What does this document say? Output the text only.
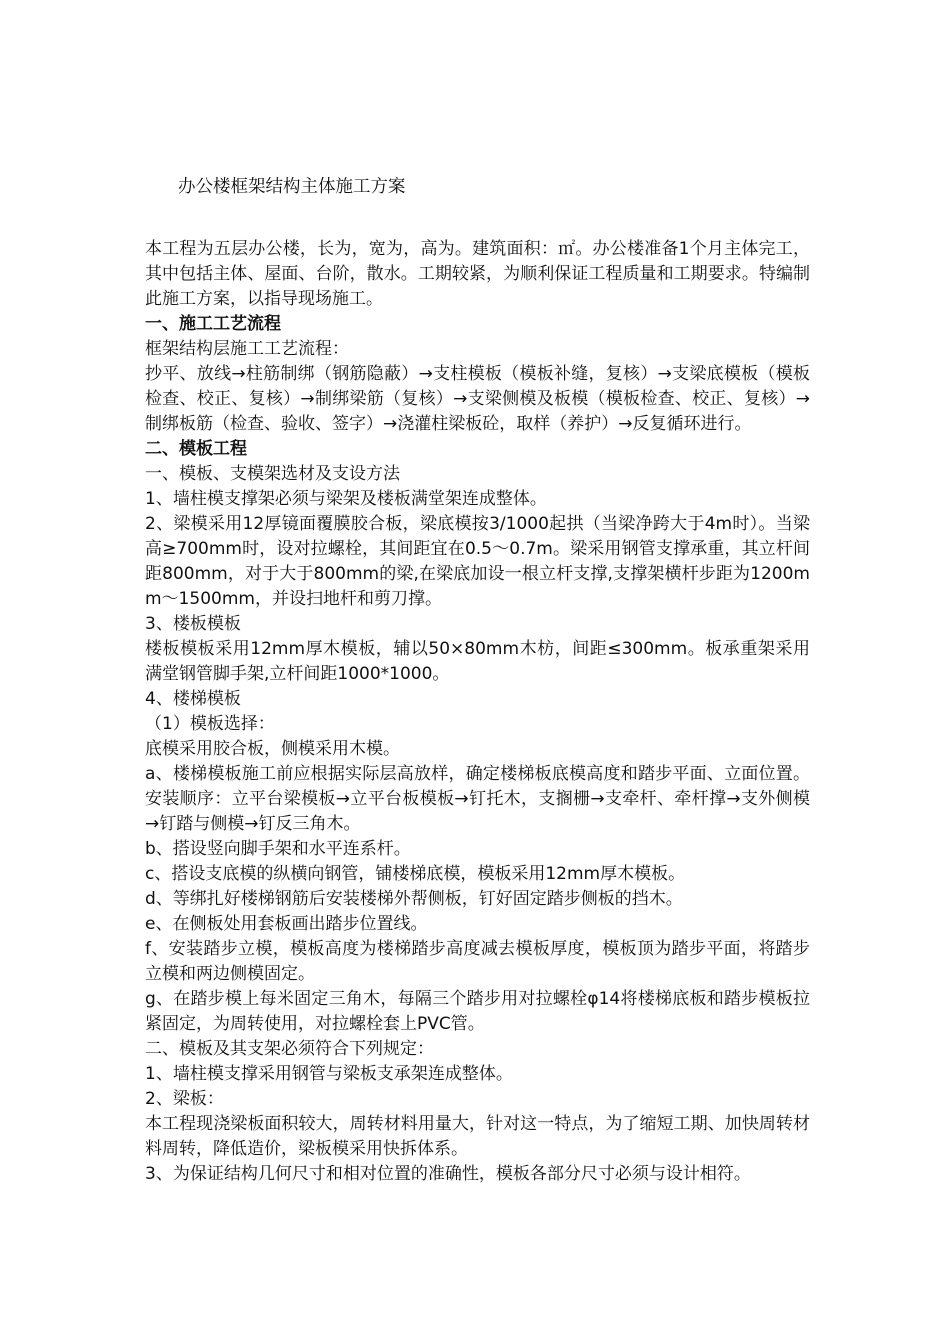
办公楼框架结构主体施工方案

本工程为五层办公楼，长为，宽为，高为。建筑面积：㎡。办公楼准备1个月主体完工，其中包括主体、屋面、台阶，散水。工期较紧，为顺利保证工程质量和工期要求。特编制此施工方案，以指导现场施工。

一、施工工艺流程

框架结构层施工工艺流程：

抄平、放线→柱筋制绑（钢筋隐蔽）→支柱模板（模板补缝，复核）→支梁底模板（模板检查、校正、复核）→制绑梁筋（复核）→支梁侧模及板模（模板检查、校正、复核）→制绑板筋（检查、验收、签字）→浇灌柱梁板砼，取样（养护）→反复循环进行。

二、模板工程

一、模板、支模架选材及支设方法

1、墙柱模支撑架必须与梁架及楼板满堂架连成整体。

2、梁模采用12厚镜面覆膜胶合板，梁底模按3/1000起拱（当梁净跨大于4m时）。当梁高≥700mm时，设对拉螺栓，其间距宜在0.5～0.7m。梁采用钢管支撑承重，其立杆间距800mm，对于大于800mm的梁,在梁底加设一根立杆支撑,支撑架横杆步距为1200mm～1500mm，并设扫地杆和剪刀撑。

3、楼板模板

楼板模板采用12mm厚木模板，辅以50×80mm木枋，间距≤300mm。板承重架采用满堂钢管脚手架,立杆间距1000*1000。

4、楼梯模板

（1）模板选择：

底模采用胶合板，侧模采用木模。

a、楼梯模板施工前应根据实际层高放样，确定楼梯板底模高度和踏步平面、立面位置。安装顺序：立平台梁模板→立平台板模板→钉托木，支搁栅→支牵杆、牵杆撑→支外侧模→钉踏与侧模→钉反三角木。

b、搭设竖向脚手架和水平连系杆。

c、搭设支底模的纵横向钢管，铺楼梯底模，模板采用12mm厚木模板。

d、等绑扎好楼梯钢筋后安装楼梯外帮侧板，钉好固定踏步侧板的挡木。

e、在侧板处用套板画出踏步位置线。

f、安装踏步立模，模板高度为楼梯踏步高度减去模板厚度，模板顶为踏步平面，将踏步立模和两边侧模固定。

g、在踏步模上每米固定三角木，每隔三个踏步用对拉螺栓φ14将楼梯底板和踏步模板拉紧固定，为周转使用，对拉螺栓套上PVC管。

二、模板及其支架必须符合下列规定：

1、墙柱模支撑采用钢管与梁板支承架连成整体。

2、梁板：

本工程现浇梁板面积较大，周转材料用量大，针对这一特点，为了缩短工期、加快周转材料周转，降低造价，梁板模采用快拆体系。

3、为保证结构几何尺寸和相对位置的准确性，模板各部分尺寸必须与设计相符。
